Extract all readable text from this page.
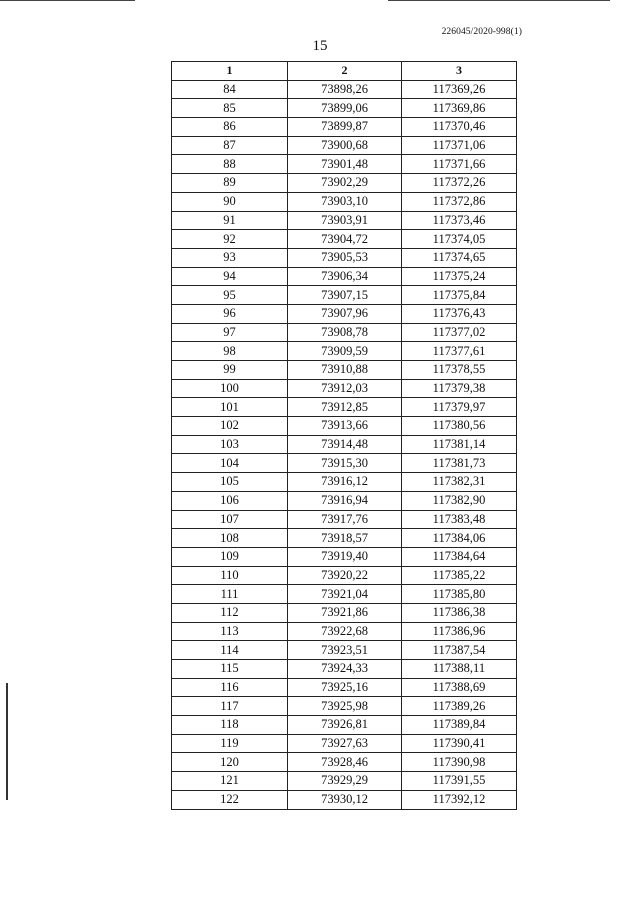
226045/2020-998(1)
15
1	2	3
84	73898,26	117369,26
85	73899,06	117369,86
86	73899,87	117370,46
87	73900,68	117371,06
88	73901,48	117371,66
89	73902,29	117372,26
90	73903,10	117372,86
91	73903,91	117373,46
92	73904,72	117374,05
93	73905,53	117374,65
94	73906,34	117375,24
95	73907,15	117375,84
96	73907,96	117376,43
97	73908,78	117377,02
98	73909,59	117377,61
99	73910,88	117378,55
100	73912,03	117379,38
101	73912,85	117379,97
102	73913,66	117380,56
103	73914,48	117381,14
104	73915,30	117381,73
105	73916,12	117382,31
106	73916,94	117382,90
107	73917,76	117383,48
108	73918,57	117384,06
109	73919,40	117384,64
110	73920,22	117385,22
111	73921,04	117385,80
112	73921,86	117386,38
113	73922,68	117386,96
114	73923,51	117387,54
115	73924,33	117388,11
116	73925,16	117388,69
117	73925,98	117389,26
118	73926,81	117389,84
119	73927,63	117390,41
120	73928,46	117390,98
121	73929,29	117391,55
122	73930,12	117392,12
